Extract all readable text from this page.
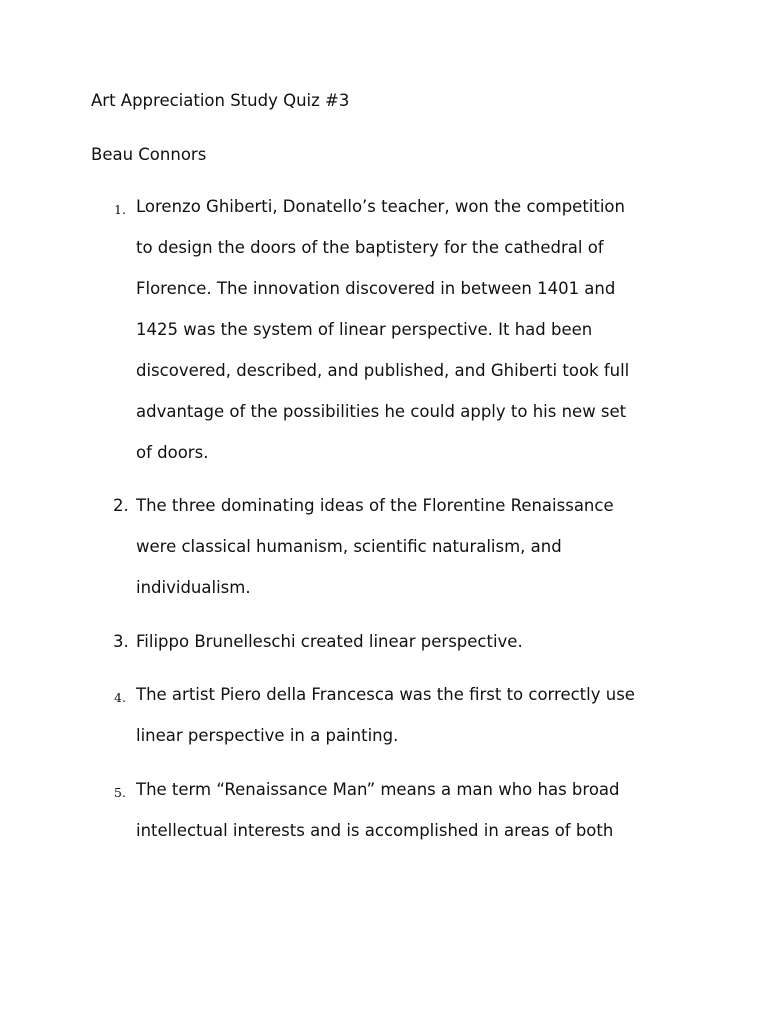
Art Appreciation Study Quiz #3
Beau Connors
1. Lorenzo Ghiberti, Donatello’s teacher, won the competition
to design the doors of the baptistery for the cathedral of
Florence. The innovation discovered in between 1401 and
1425 was the system of linear perspective. It had been
discovered, described, and published, and Ghiberti took full
advantage of the possibilities he could apply to his new set
of doors.
2. The three dominating ideas of the Florentine Renaissance
were classical humanism, scientific naturalism, and
individualism.
3. Filippo Brunelleschi created linear perspective.
4. The artist Piero della Francesca was the first to correctly use
linear perspective in a painting.
5. The term “Renaissance Man” means a man who has broad
intellectual interests and is accomplished in areas of both
